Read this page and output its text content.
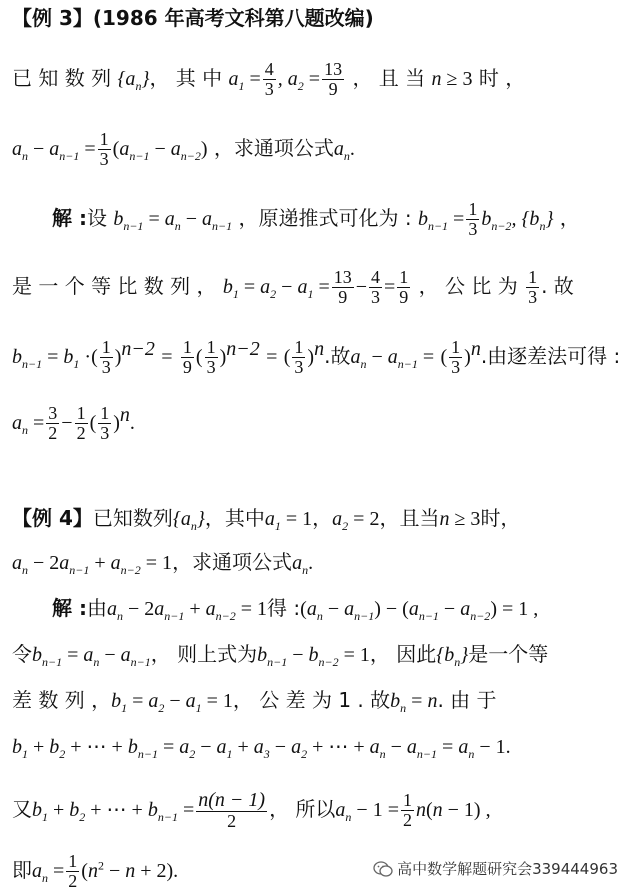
【例 3】(1986 年高考文科第八题改编)
已 知 数 列 $\{a_n\}$， 其 中 $a_1 = \frac{4}{3}$ , $a_2 = \frac{13}{9}$ ， 且 当 n ≥ 3 时 ，
$a_n - a_{n-1} = \frac{1}{3} (a_{n-1} - a_{n-2})$ ，求通项公式$a_n$.
解 :设 $b_{n-1} = a_n - a_{n-1}$ ，原递推式可化为 : $b_{n-1} = \frac{1}{3} b_{n-2}$, $\{b_n\}$ ，
是 一 个 等 比 数 列 ， $b_1 = a_2 - a_1 = \frac{13}{9} - \frac{4}{3} = \frac{1}{9}$ ， 公 比 为 $\frac{1}{3}$ . 故
$b_{n-1} = b_1$ ·( $\frac{1}{3} )^{n-2} = \frac{1}{9}$ ( $\frac{1}{3} )^{n-2}$ = ( $\frac{1}{3} )^n$.故$a_n - a_{n-1}$ = ( $\frac{1}{3} )^n$.由逐差法可得 :
$a_n = \frac{3}{2} - \frac{1}{2}$ ( $\frac{1}{3} )^n$.
【例 4】已知数列$\{a_n\}$，其中$a_1 = 1$，$a_2 = 2$，且当n ≥ 3时，
$a_n - 2a_{n-1} + a_{n-2} = 1$，求通项公式$a_n$.
解 :由$a_n - 2a_{n-1} + a_{n-2} = 1$得 $:(a_n - a_{n-1}) - (a_{n-1} - a_{n-2}) = 1$ ,
令$b_{n-1} = a_n - a_{n-1}$， 则上式为$b_{n-1} - b_{n-2} = 1$， 因此$\{b_n\}$是一个等
差 数 列 ，$b_1 = a_2 - a_1 = 1$， 公 差 为 1 . 故$b_n = n$. 由 于
$b_1 + b_2$ + ⋯ + $b_{n-1} = a_2 - a_1 + a_3 - a_2$ + ⋯ + $a_n - a_{n-1} = a_n - 1$.
又$b_1 + b_2$ + ⋯ + $b_{n-1} = \frac{n(n - 1)}{2}$ ， 所以$a_n - 1 = \frac{1}{2} n(n - 1)$ ,
即$a_n = \frac{1}{2} (n^2 - n + 2)$.	高中数学解题研究会339444963
